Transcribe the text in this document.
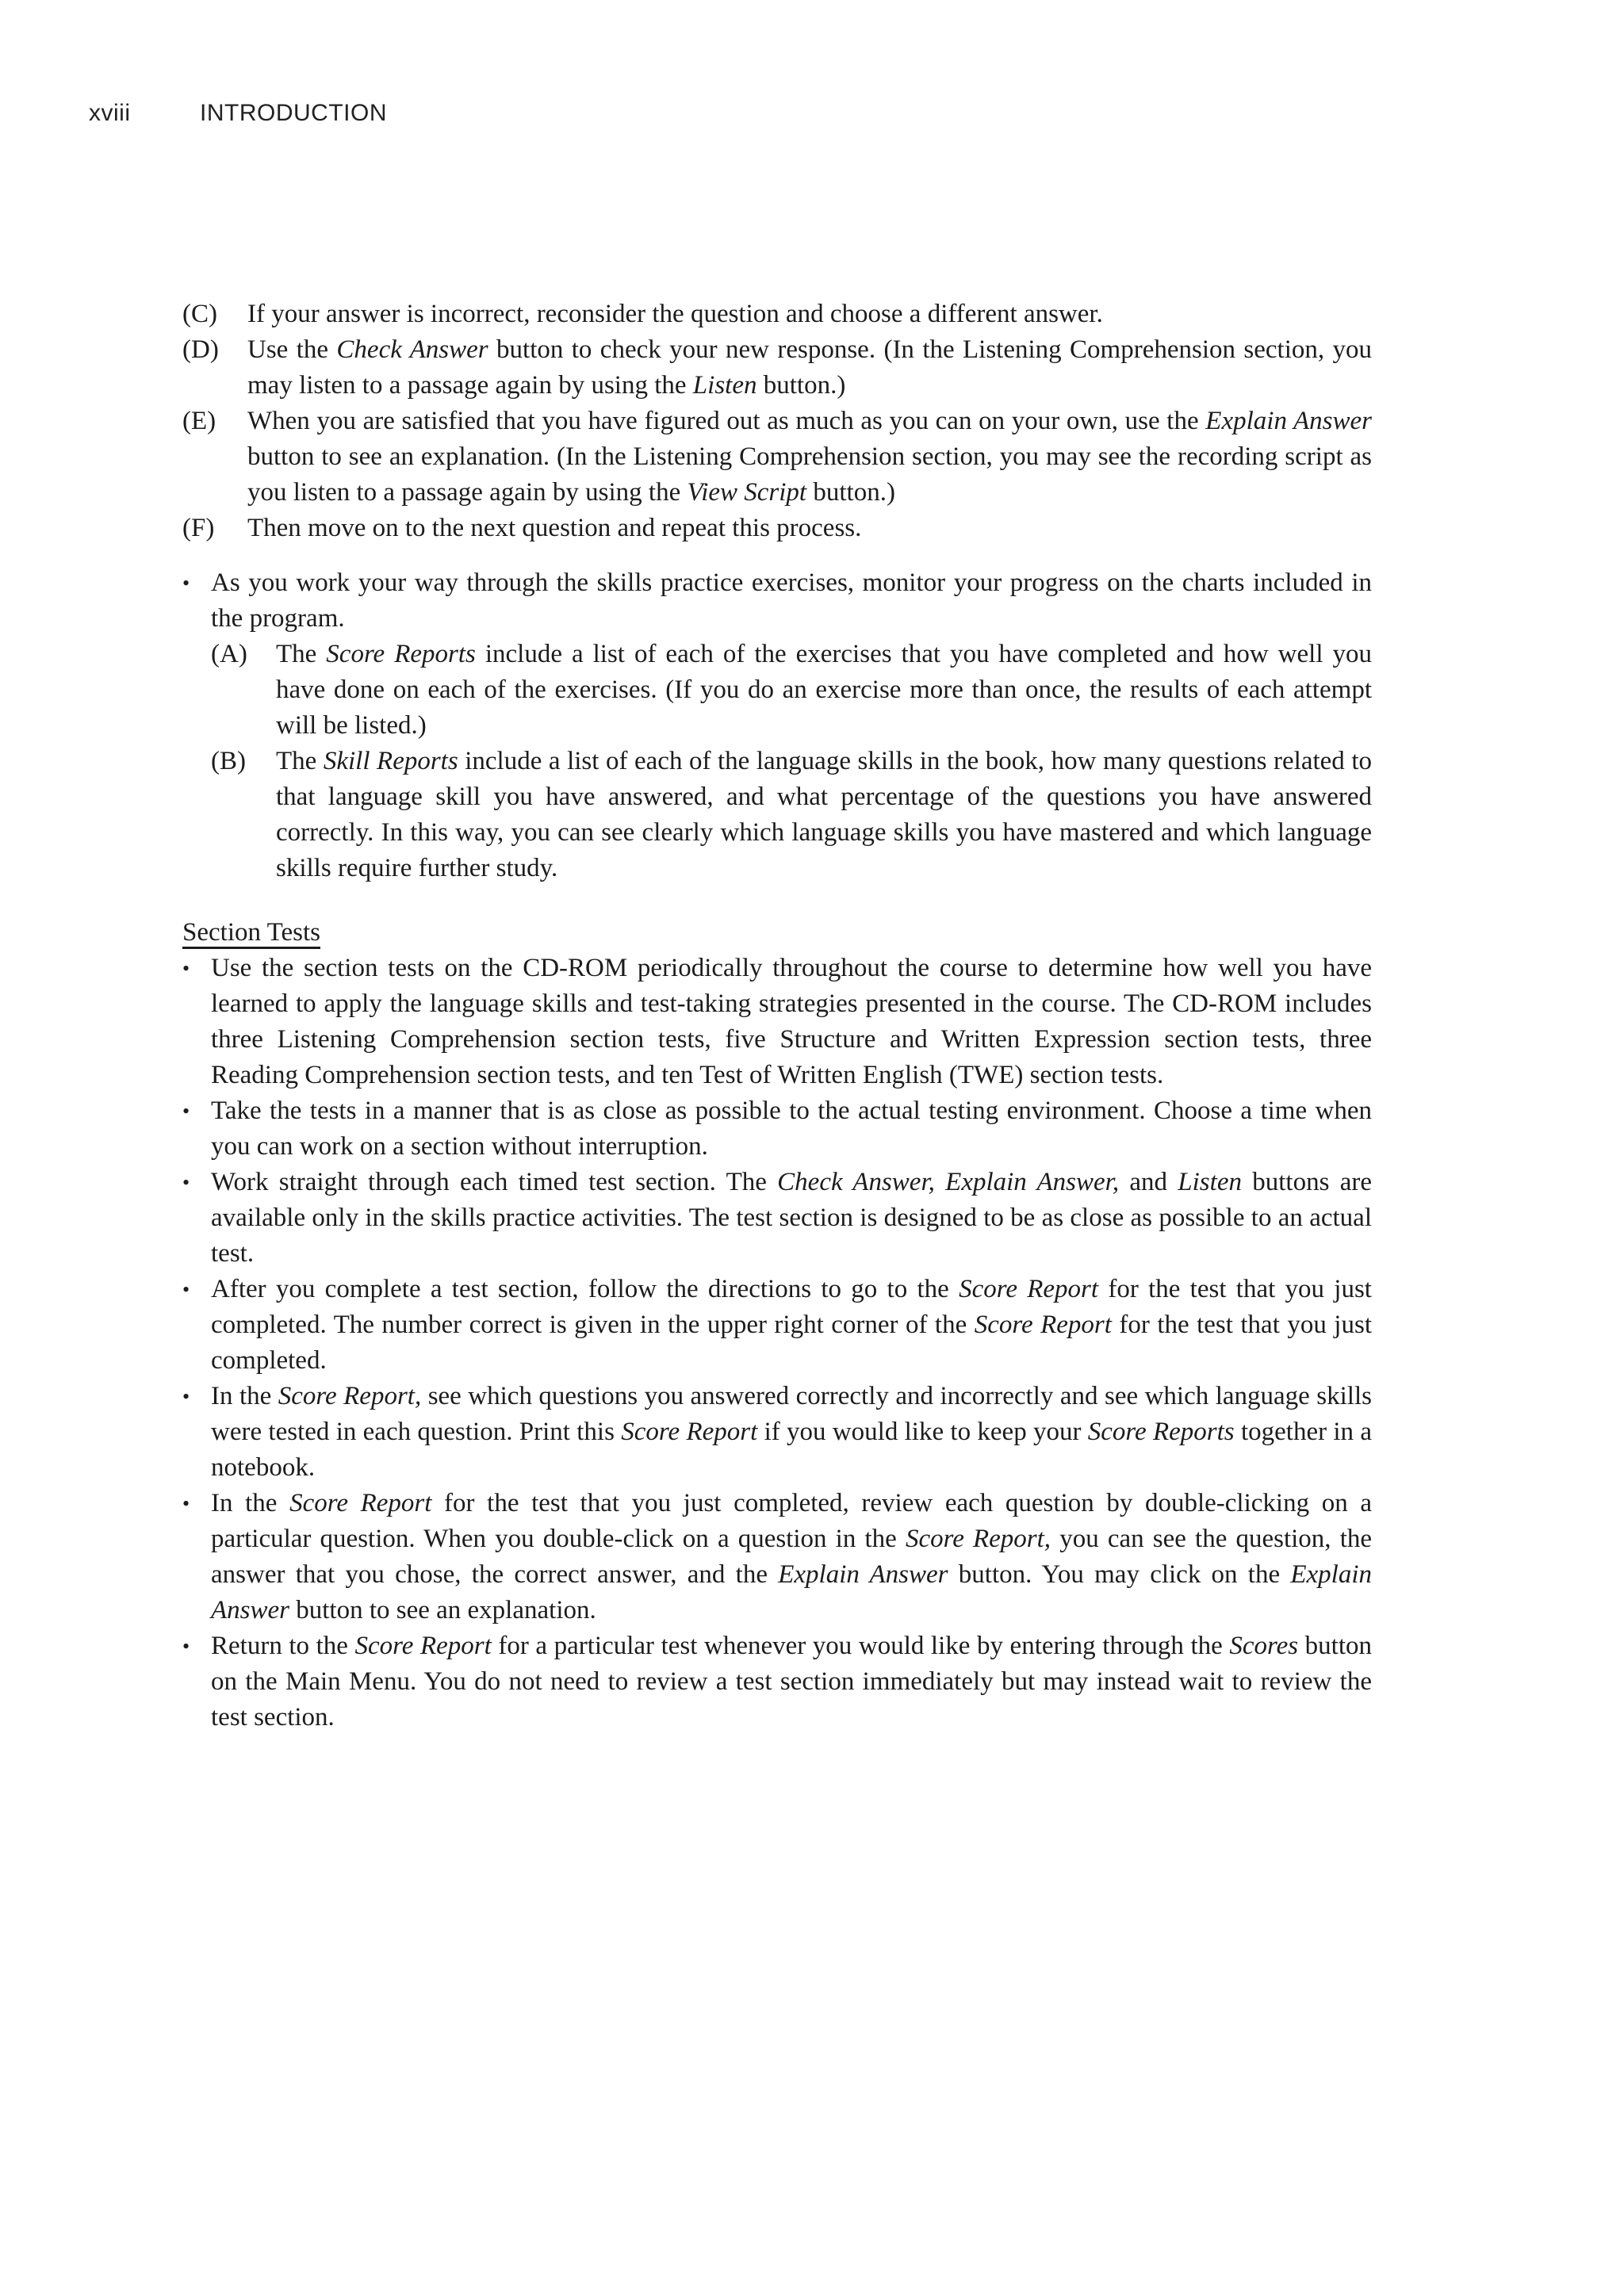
xviii	INTRODUCTION
(C)	If your answer is incorrect, reconsider the question and choose a different answer.
(D)	Use the Check Answer button to check your new response. (In the Listening Comprehension section, you may listen to a passage again by using the Listen button.)
(E)	When you are satisfied that you have figured out as much as you can on your own, use the Explain Answer button to see an explanation. (In the Listening Comprehension section, you may see the recording script as you listen to a passage again by using the View Script button.)
(F)	Then move on to the next question and repeat this process.
• As you work your way through the skills practice exercises, monitor your progress on the charts included in the program.

(A)	The Score Reports include a list of each of the exercises that you have completed and how well you have done on each of the exercises. (If you do an exercise more than once, the results of each attempt will be listed.)
(B)	The Skill Reports include a list of each of the language skills in the book, how many questions related to that language skill you have answered, and what percentage of the questions you have answered correctly. In this way, you can see clearly which language skills you have mastered and which language skills require further study.
Section Tests
• Use the section tests on the CD-ROM periodically throughout the course to determine how well you have learned to apply the language skills and test-taking strategies presented in the course. The CD-ROM includes three Listening Comprehension section tests, five Structure and Written Expression section tests, three Reading Comprehension section tests, and ten Test of Written English (TWE) section tests.
• Take the tests in a manner that is as close as possible to the actual testing environment. Choose a time when you can work on a section without interruption.
• Work straight through each timed test section. The Check Answer, Explain Answer, and Listen buttons are available only in the skills practice activities. The test section is designed to be as close as possible to an actual test.
• After you complete a test section, follow the directions to go to the Score Report for the test that you just completed. The number correct is given in the upper right corner of the Score Report for the test that you just completed.
• In the Score Report, see which questions you answered correctly and incorrectly and see which language skills were tested in each question. Print this Score Report if you would like to keep your Score Reports together in a notebook.
• In the Score Report for the test that you just completed, review each question by double-clicking on a particular question. When you double-click on a question in the Score Report, you can see the question, the answer that you chose, the correct answer, and the Explain Answer button. You may click on the Explain Answer button to see an explanation.
• Return to the Score Report for a particular test whenever you would like by entering through the Scores button on the Main Menu. You do not need to review a test section immediately but may instead wait to review the test section.
